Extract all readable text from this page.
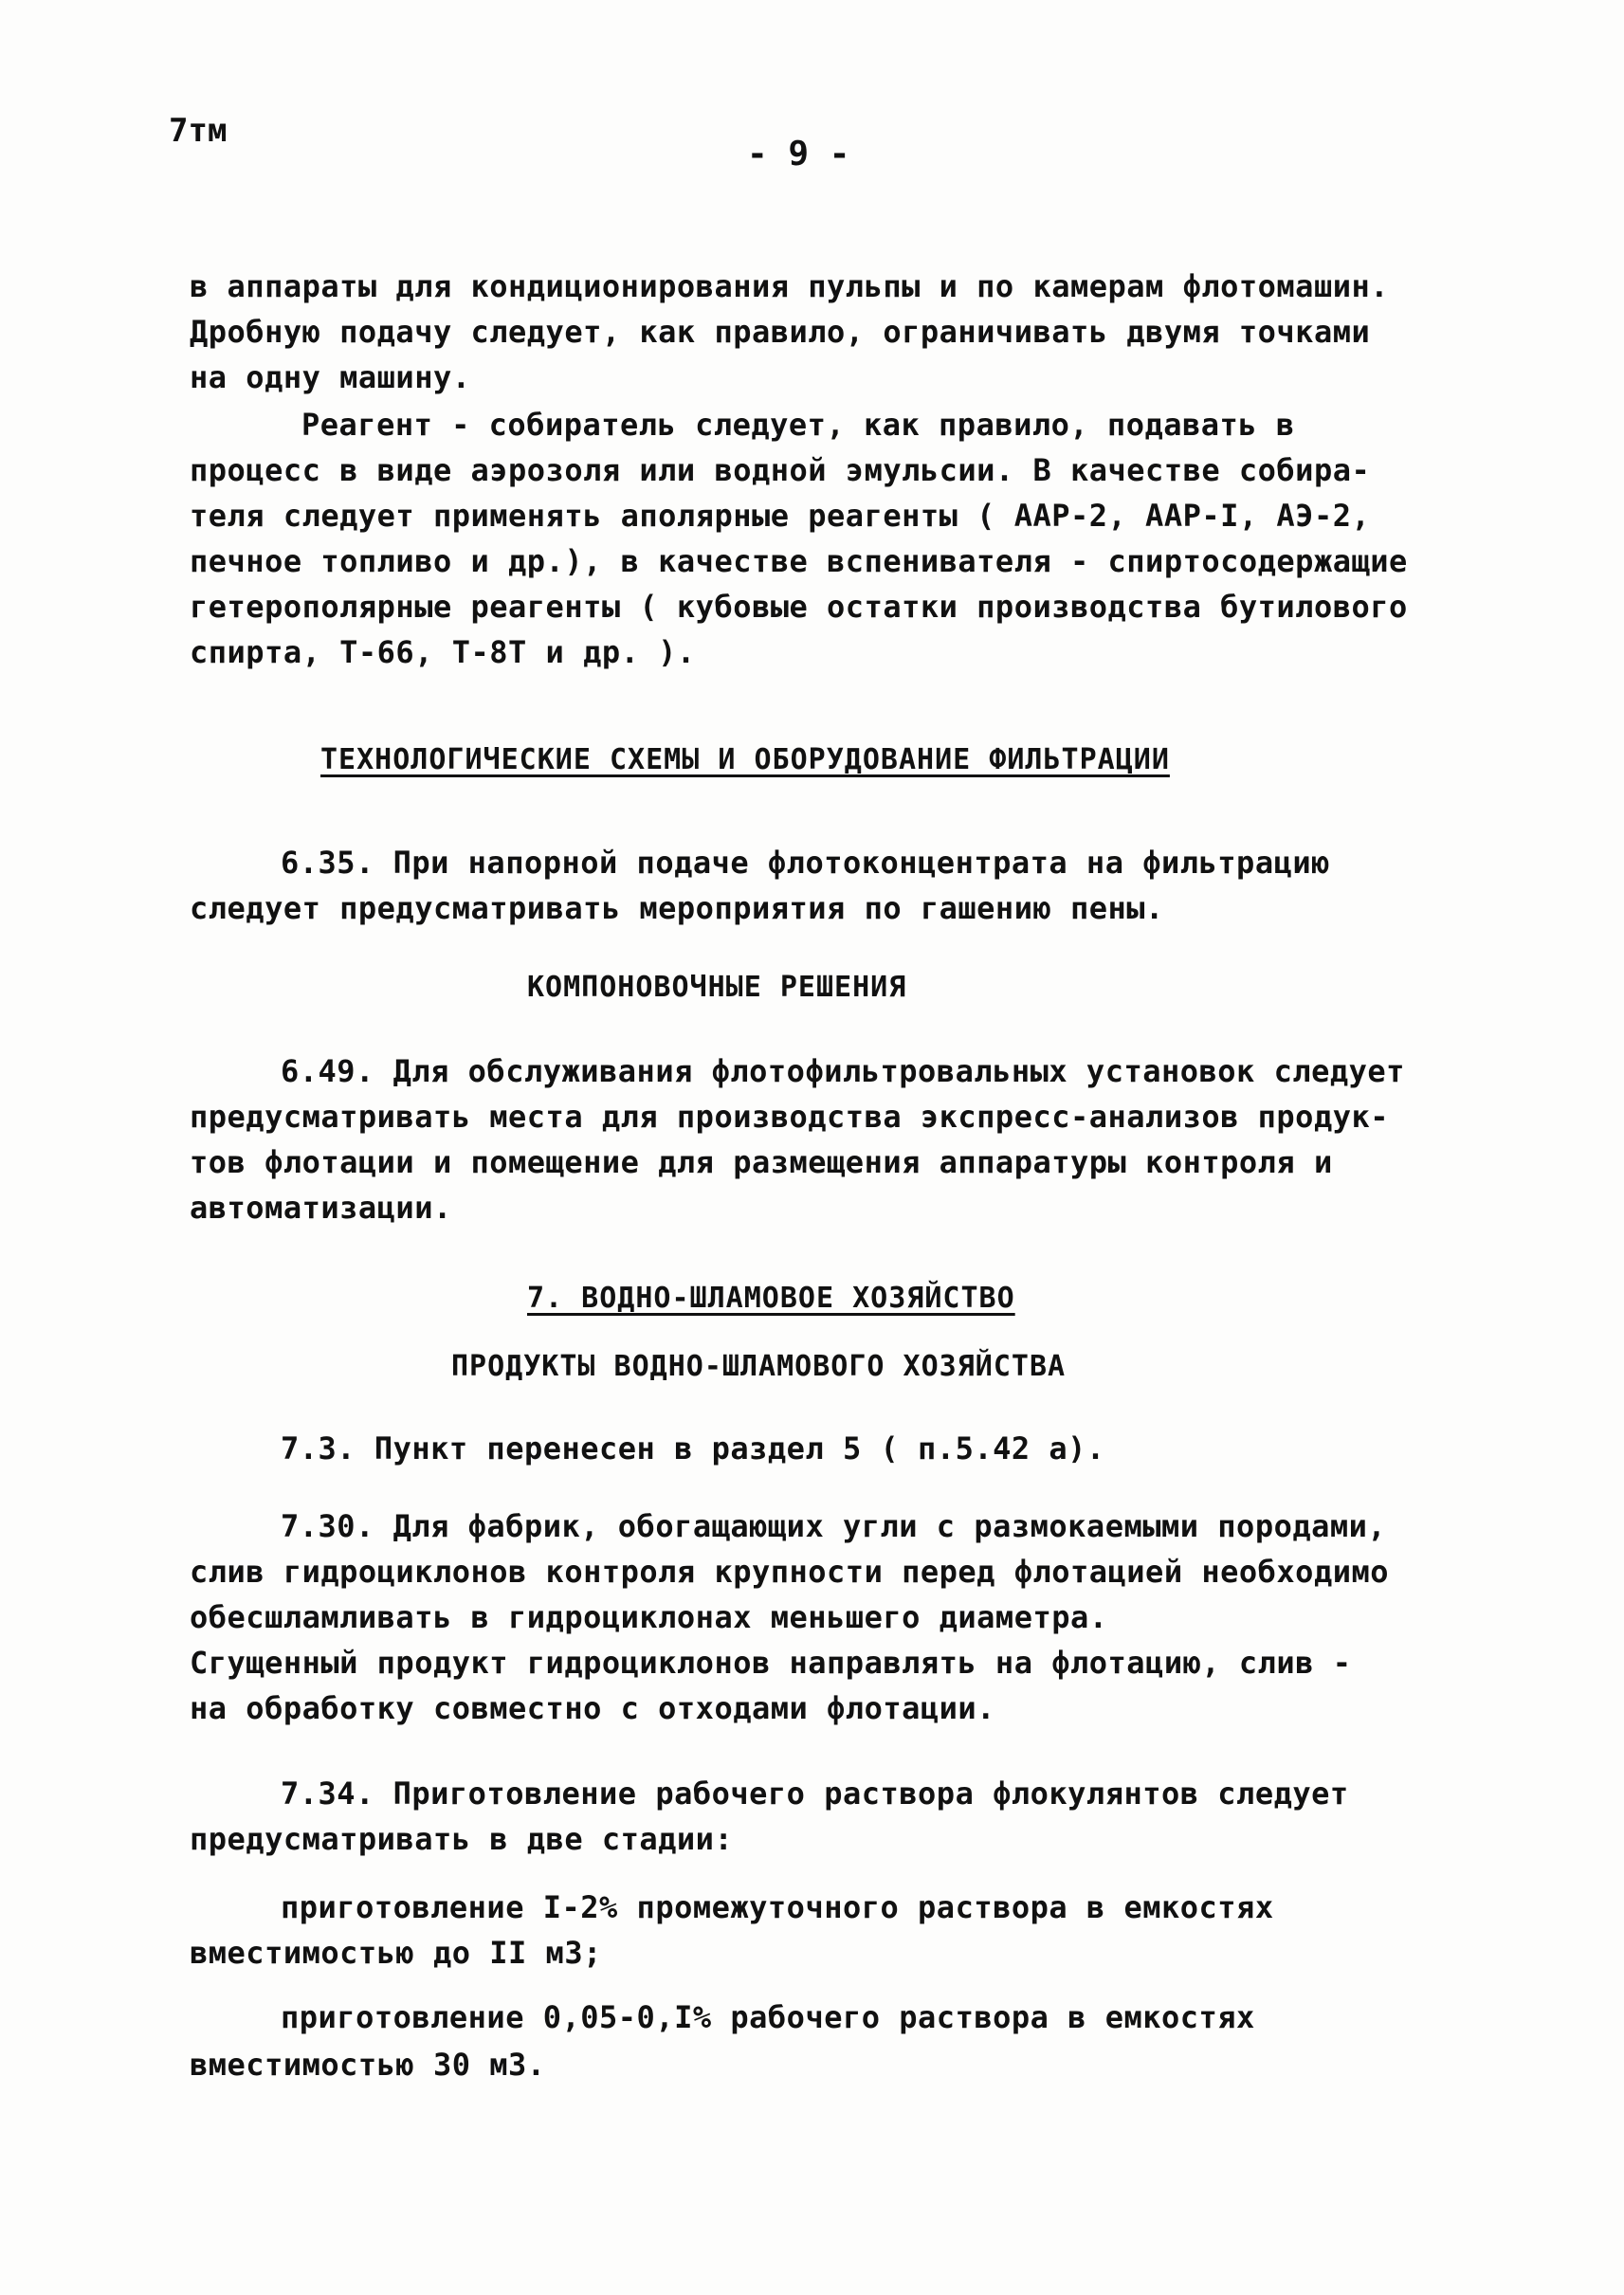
7тм
- 9 -
в аппараты для кондиционирования пульпы и по камерам флотомашин.
Дробную подачу следует, как правило, ограничивать двумя точками
на одну машину.
Реагент - собиратель следует, как правило, подавать в
процесс в виде аэрозоля или водной эмульсии. В качестве собира-
теля следует применять аполярные реагенты ( ААР-2, ААР-I, АЭ-2,
печное топливо и др.), в качестве вспенивателя - спиртосодержащие
гетерополярные реагенты ( кубовые остатки производства бутилового
спирта, Т-66, Т-8Т и др. ).
ТЕХНОЛОГИЧЕСКИЕ СХЕМЫ И ОБОРУДОВАНИЕ ФИЛЬТРАЦИИ
6.35. При напорной подаче флотоконцентрата на фильтрацию
следует предусматривать мероприятия по гашению пены.
КОМПОНОВОЧНЫЕ РЕШЕНИЯ
6.49. Для обслуживания флотофильтровальных установок следует
предусматривать места для производства экспресс-анализов продук-
тов флотации и помещение для размещения аппаратуры контроля и
автоматизации.
7. ВОДНО-ШЛАМОВОЕ ХОЗЯЙСТВО
ПРОДУКТЫ ВОДНО-ШЛАМОВОГО ХОЗЯЙСТВА
7.3. Пункт перенесен в раздел 5 ( п.5.42 а).
7.30. Для фабрик, обогащающих угли с размокаемыми породами,
слив гидроциклонов контроля крупности перед флотацией необходимо
обесшламливать в гидроциклонах меньшего диаметра.
Сгущенный продукт гидроциклонов направлять на флотацию, слив -
на обработку совместно с отходами флотации.
7.34. Приготовление рабочего раствора флокулянтов следует
предусматривать в две стадии:
приготовление I-2% промежуточного раствора в емкостях
вместимостью до II м3;
приготовление 0,05-0,I% рабочего раствора в емкостях
вместимостью 30 м3.
